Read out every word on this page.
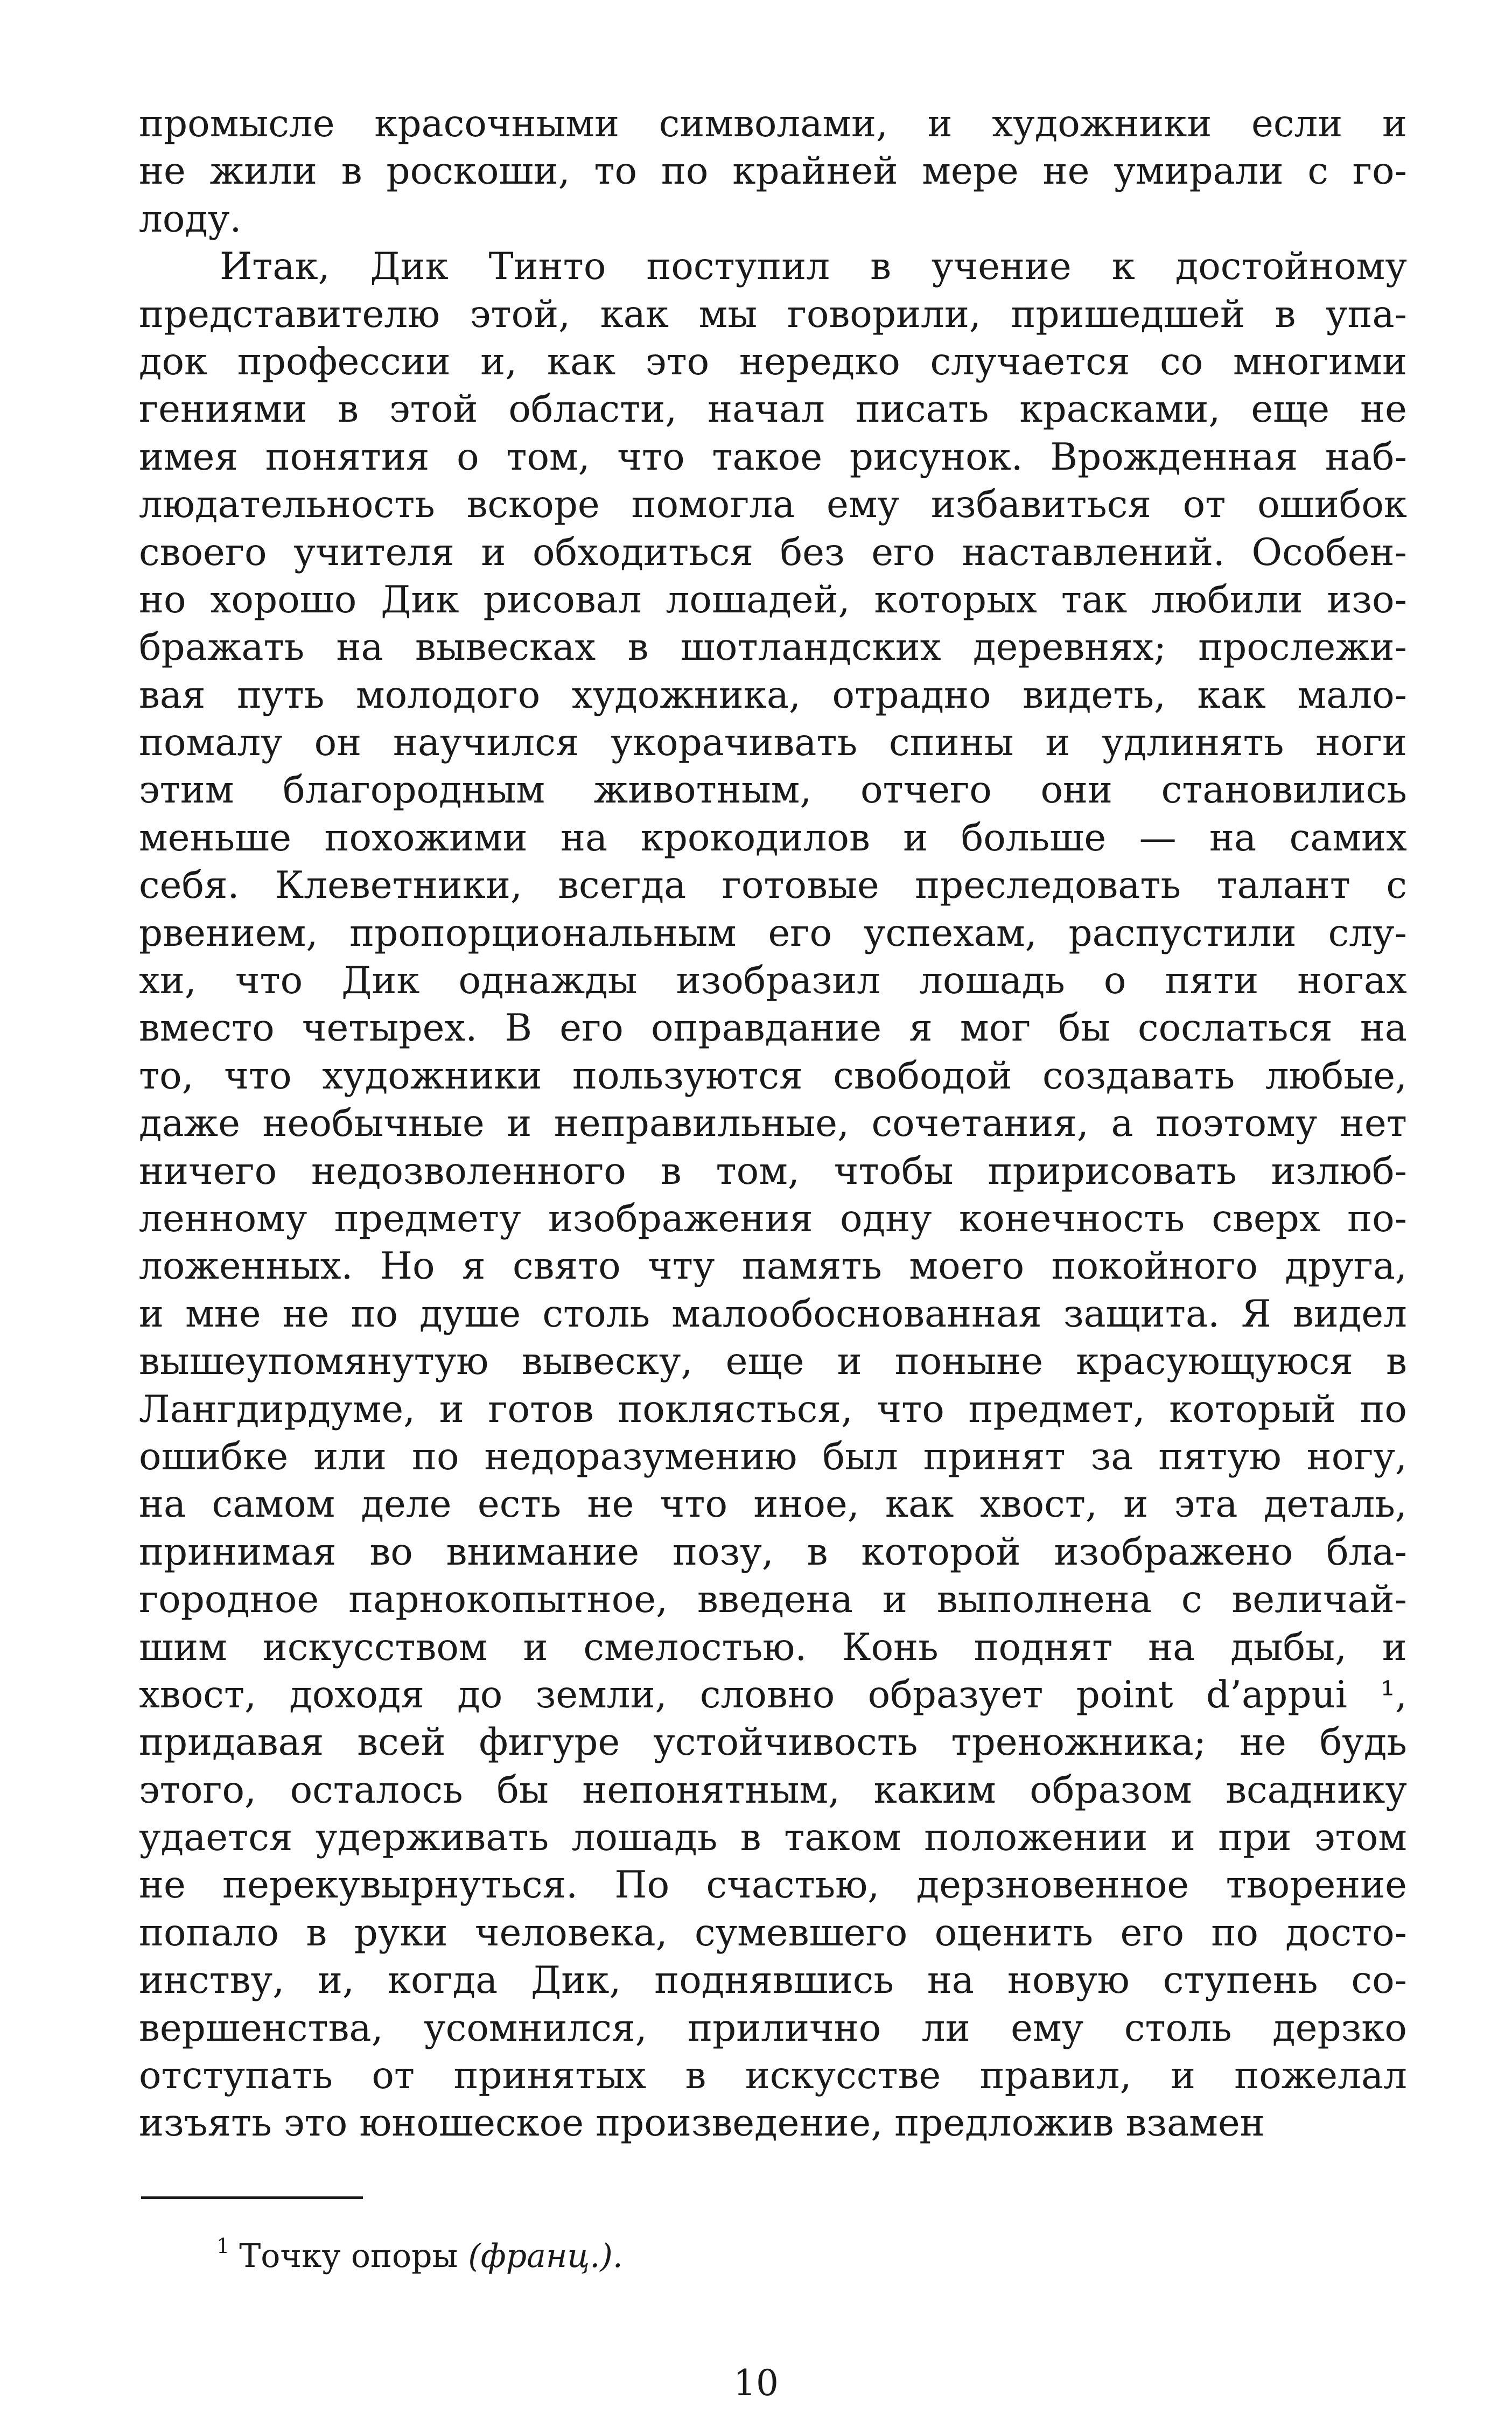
промысле красочными символами, и художники если и
не жили в роскоши, то по крайней мере не умирали с го-
лоду.
Итак, Дик Тинто поступил в учение к достойному
представителю этой, как мы говорили, пришедшей в упа-
док профессии и, как это нередко случается со многими
гениями в этой области, начал писать красками, еще не
имея понятия о том, что такое рисунок. Врожденная наб-
людательность вскоре помогла ему избавиться от ошибок
своего учителя и обходиться без его наставлений. Особен-
но хорошо Дик рисовал лошадей, которых так любили изо-
бражать на вывесках в шотландских деревнях; прослежи-
вая путь молодого художника, отрадно видеть, как мало-
помалу он научился укорачивать спины и удлинять ноги
этим благородным животным, отчего они становились
меньше похожими на крокодилов и больше — на самих
себя. Клеветники, всегда готовые преследовать талант с
рвением, пропорциональным его успехам, распустили слу-
хи, что Дик однажды изобразил лошадь о пяти ногах
вместо четырех. В его оправдание я мог бы сослаться на
то, что художники пользуются свободой создавать любые,
даже необычные и неправильные, сочетания, а поэтому нет
ничего недозволенного в том, чтобы пририсовать излюб-
ленному предмету изображения одну конечность сверх по-
ложенных. Но я свято чту память моего покойного друга,
и мне не по душе столь малообоснованная защита. Я видел
вышеупомянутую вывеску, еще и поныне красующуюся в
Лангдирдуме, и готов поклясться, что предмет, который по
ошибке или по недоразумению был принят за пятую ногу,
на самом деле есть не что иное, как хвост, и эта деталь,
принимая во внимание позу, в которой изображено бла-
городное парнокопытное, введена и выполнена с величай-
шим искусством и смелостью. Конь поднят на дыбы, и
хвост, доходя до земли, словно образует point d’appui ¹,
придавая всей фигуре устойчивость треножника; не будь
этого, осталось бы непонятным, каким образом всаднику
удается удерживать лошадь в таком положении и при этом
не перекувырнуться. По счастью, дерзновенное творение
попало в руки человека, сумевшего оценить его по досто-
инству, и, когда Дик, поднявшись на новую ступень со-
вершенства, усомнился, прилично ли ему столь дерзко
отступать от принятых в искусстве правил, и пожелал
изъять это юношеское произведение, предложив взамен
$^1$ Точку опоры (франц.).
10
